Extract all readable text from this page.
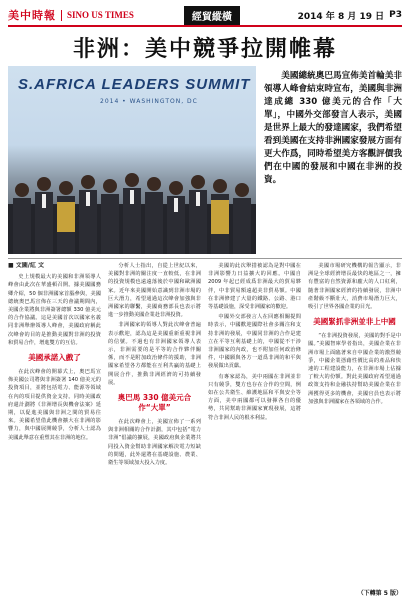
美中時報 SINO US TIMES	經貿縱橫	2014 年 8 月 19 日 P3
非洲：美中競爭拉開帷幕
S.AFRICA LEADERS SUMMIT
2014 • WASHINGTON, DC
美國總統奧巴馬宣佈美首輪美非領導人峰會結束時宣布，美國與非洲達成總 330 億美元的合作「大單」，中國外交部發言人表示，美國是世界上最大的發達國家，我們希望看到美國在支持非洲國家發展方面有更大作爲，同時希望美方客觀評價我們在中國的發展和中國在非洲的投資。
■ 文圖/紅 文

史上規模最大的美國和非洲領導人峰會由此次在華盛頓召開。據美國國務卿介紹，50 個非洲國家首腦參與，美國總統奧巴馬宣佈在三天的會議期間內，美國企業將與非洲簽署總額 330 億美元的合作協議。這是美國首次以國家名義同非洲舉辦領導人峰會，美國政府稱此次峰會的目的是推動美國對非洲的投資和貿易合作，增進雙方的互信。

美國承諾入戲了

在此次峰會的開幕式上，奧巴馬宣佈美國公司將與非洲簽署 140 億美元的投資項目，並將包括電力、能源等領域在內的項目提供資金支持。同時美國政府還計劃將《非洲增長與機會法案》延期，以促進美國與非洲之間的貿易往來。美國希望借此機會擴大在非洲的影響力，與中國展開競爭，分析人士認為美國此舉意在重塑其在非洲的地位。

分析人士指出，自從上世紀以來，美國對非洲的關注度一直較低，在非洲的投資規模也遠遠落後於中國和歐洲國家。近年來美國開始意識到非洲市場的巨大潛力，希望通過這次峰會加強與非洲國家的聯繫，美國商務部長也表示將進一步推動美國企業赴非洲投資。

非洲國家的領導人對此次峰會普遍表示歡迎，認為這是美國重新重視非洲的信號。不過也有非洲國家領導人表示，非洲需要的是平等的合作夥伴關係，而不是附加政治條件的援助，非洲國家希望各方都能在互利共贏的基礎上開展合作，推動非洲經濟的可持續發展。

奧巴馬 330 億美元合作“大單”

在此次峰會上，美國宣佈了一系列與非洲相關的合作計劃，其中包括“電力非洲”倡議的擴展，美國政府與企業將共同投入資金幫助非洲國家解決電力短缺的問題，此外還將在基礎設施、農業、衛生等領域加大投入力度。

美國的此次舉措被認為是對中國在非洲影響力日益擴大的回應。中國自 2009 年起已經成爲非洲最大的貿易夥伴，中非貿易額遠超美非貿易額。中國在非洲修建了大量的鐵路、公路、港口等基礎設施，深受非洲國家的歡迎。

中國外交部發言人在回應相關提問時表示，中國歡迎國際社會多關注和支持非洲的發展，中國同非洲的合作是建立在平等互利基礎上的，中國從不干涉非洲國家的內政，也不附加任何政治條件，中國願與各方一道爲非洲的和平與發展做出貢獻。

有專家認為，美中兩國在非洲並非只有競爭，雙方也存在合作的空間，例如在公共衛生、維護地區和平與安全等方面，美中兩國都可以發揮各自的優勢，共同幫助非洲國家實現發展，這將符合非洲人民的根本利益。

美國市場研究機構的報告顯示，非洲是全球經濟增長最快的地區之一，擁有豐富的自然資源和龐大的人口紅利，隨著非洲國家經濟的持續發展，非洲中產階級不斷壯大，消費市場潛力巨大，吸引了世界各國企業的目光。

美國緊抓非洲並非上中國

“在非洲投資發展，美國的對手是中國。”美國智庫學者指出，美國企業在非洲市場上面臨著來自中國企業的激烈競爭，中國企業憑藉性價比高的產品和快速的工程建設能力，在非洲市場上佔據了較大的份額。對此美國政府希望通過政策支持和金融扶持幫助美國企業在非洲獲得更多的機會，美國官員也表示將加強與非洲國家在各領域的合作。

（下轉第 5 版）
